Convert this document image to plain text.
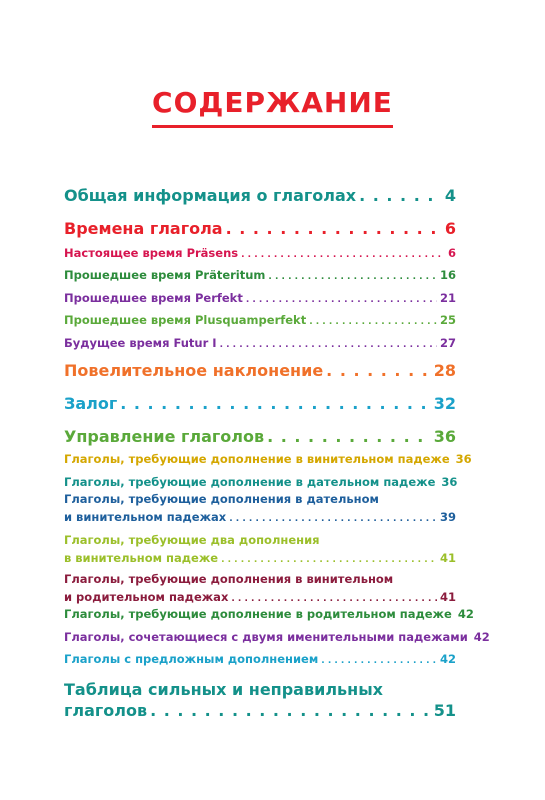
СОДЕРЖАНИЕ
Общая информация о глаголах . . .	4
Времена глагола . . .	6
Настоящее время Präsens . . .	6
Прошедшее время Präteritum . . .	16
Прошедшее время Perfekt . . .	21
Прошедшее время Plusquamperfekt . . .	25
Будущее время Futur I . . .	27
Повелительное наклонение . . .	28
Залог . . .	32
Управление глаголов . . .	36
Глаголы, требующие дополнение в винительном падеже 36
Глаголы, требующие дополнение в дательном падеже 36
Глаголы, требующие дополнения в дательном
и винительном падежах . . .	39
Глаголы, требующие два дополнения
в винительном падеже . . .	41
Глаголы, требующие дополнения в винительном
и родительном падежах . . .	41
Глаголы, требующие дополнение в родительном падеже 42
Глаголы, сочетающиеся с двумя именительными падежами 42
Глаголы с предложным дополнением . . .	42
Таблица сильных и неправильных
глаголов . . .	51
